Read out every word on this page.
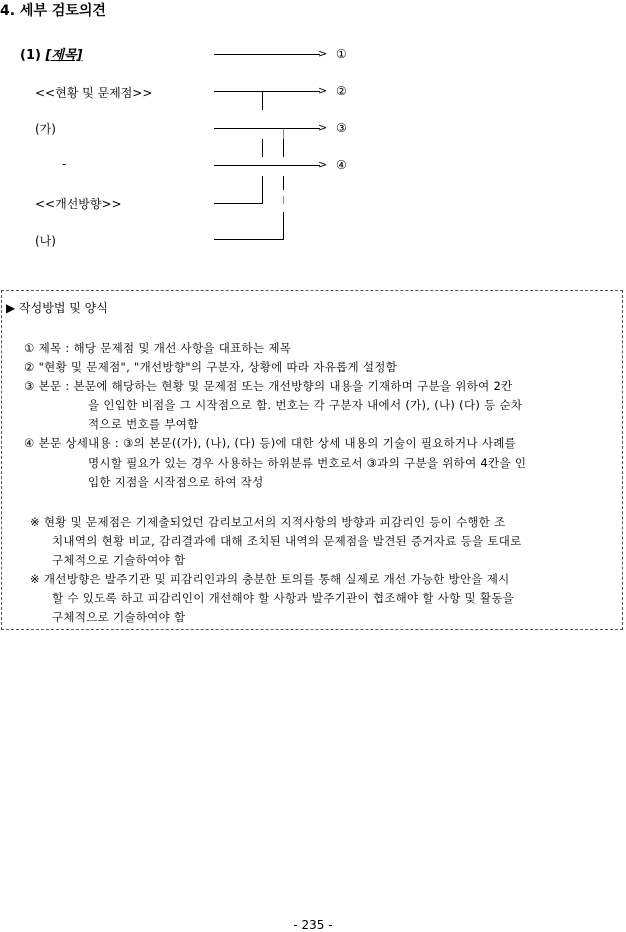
4. 세부 검토의견
(1) [제목]
<<현황 및 문제점>>
(가)
-
<<개선방향>>
(나)
> ①
> ②
> ③
> ④
▶ 작성방법 및 양식
① 제목 : 해당 문제점 및 개선 사항을 대표하는 제목
② "현황 및 문제점", "개선방향"의 구분자, 상황에 따라 자유롭게 설정함
③ 본문 : 본문에 해당하는 현황 및 문제점 또는 개선방향의 내용을 기재하며 구분을 위하여 2칸
을 인입한 비점을 그 시작점으로 함. 번호는 각 구분자 내에서 (가), (나) (다) 등 순차
적으로 번호를 부여함
④ 본문 상세내용 : ③의 본문((가), (나), (다) 등)에 대한 상세 내용의 기술이 필요하거나 사례를
명시할 필요가 있는 경우 사용하는 하위분류 번호로서 ③과의 구분을 위하여 4칸을 인
입한 지점을 시작점으로 하여 작성
※ 현황 및 문제점은 기제출되었던 감리보고서의 지적사항의 방향과 피감리인 등이 수행한 조
치내역의 현황 비교, 감리결과에 대해 조치된 내역의 문제점을 발견된 증거자료 등을 토대로
구체적으로 기술하여야 함
※ 개선방향은 발주기관 및 피감리인과의 충분한 토의를 통해 실제로 개선 가능한 방안을 제시
할 수 있도록 하고 피감리인이 개선해야 할 사항과 발주기관이 협조해야 할 사항 및 활동을
구체적으로 기술하여야 함
- 235 -
